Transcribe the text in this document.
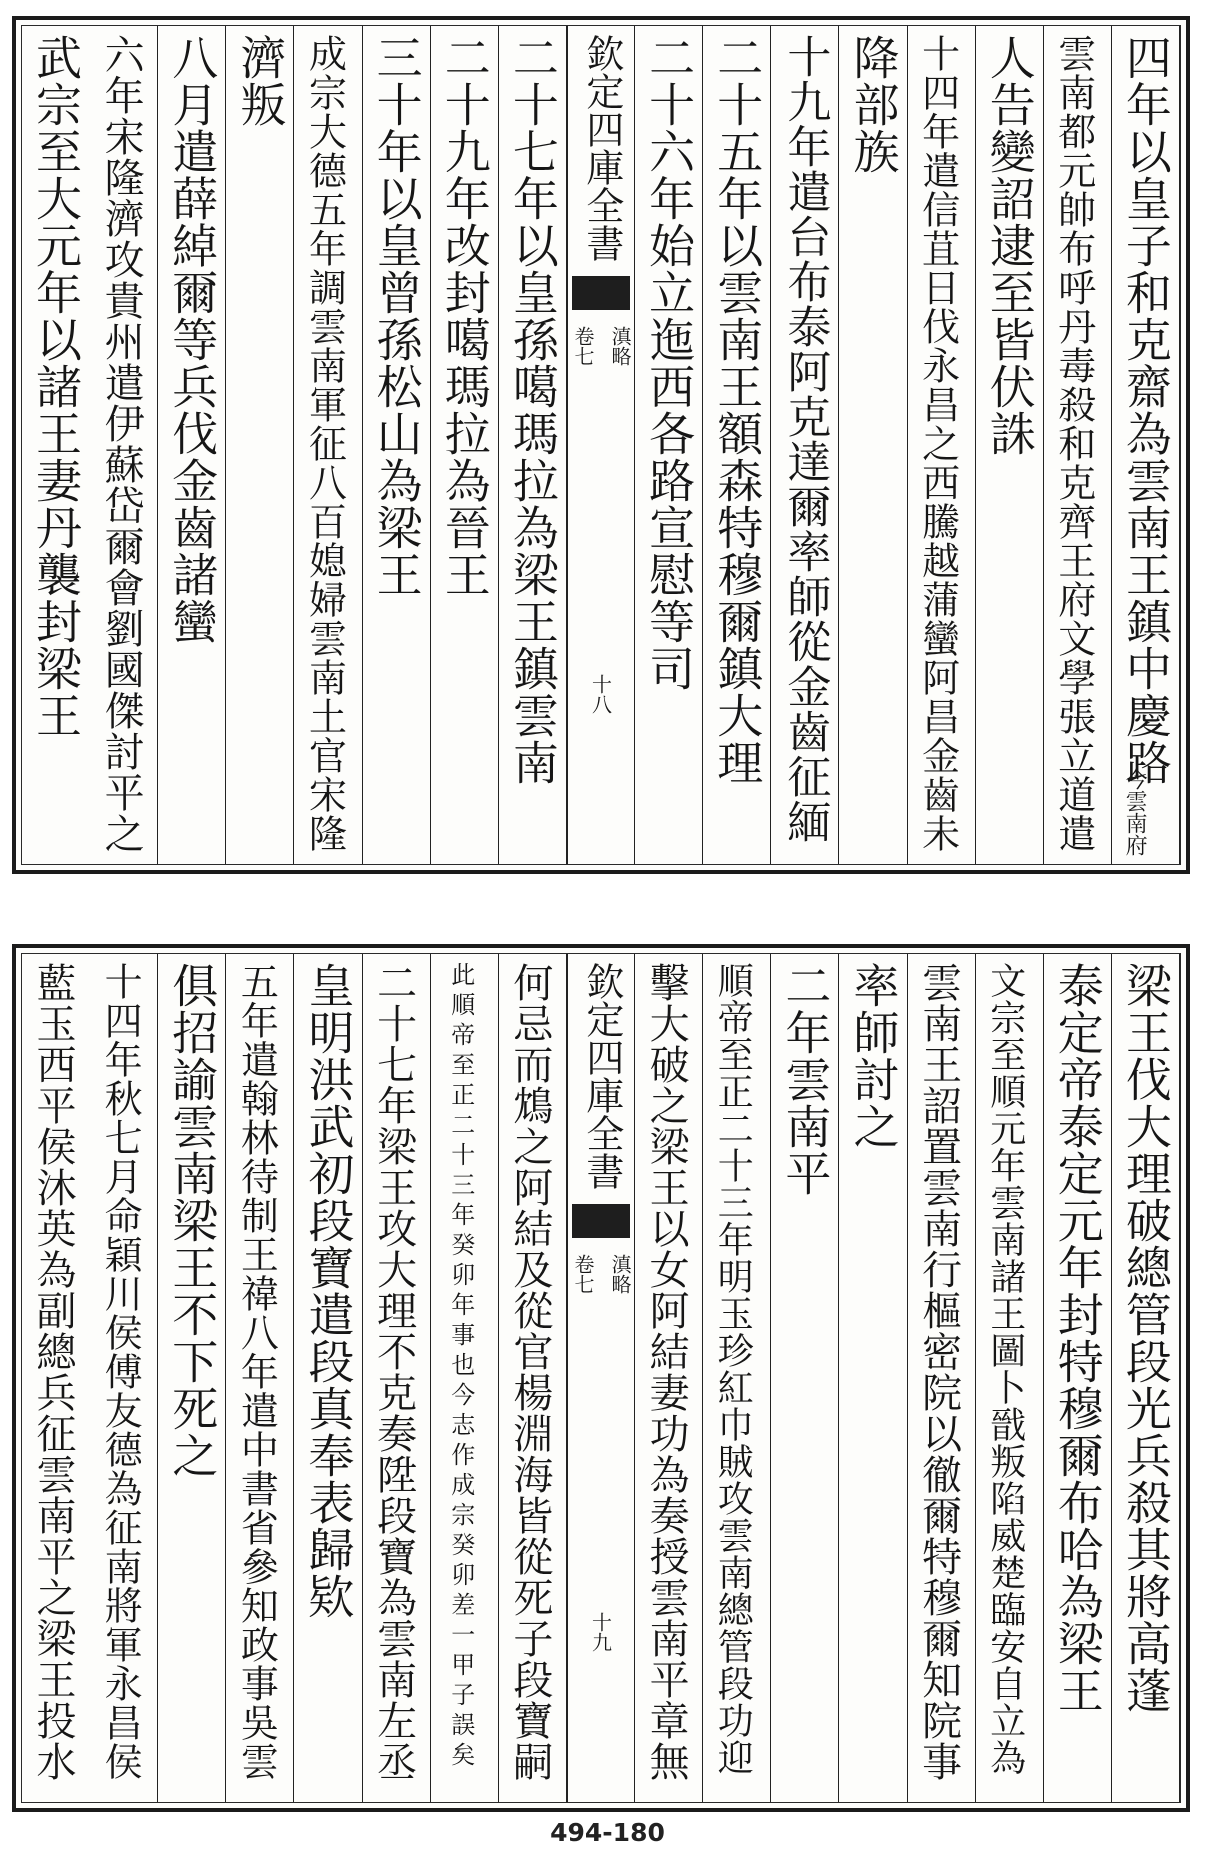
四年以皇子和克齋為雲南王鎮中慶路
今雲南府
雲南都元帥布呼丹毒殺和克齊王府文學張立道遣
人告變詔逮至皆伏誅
十四年遣信苴日伐永昌之西騰越蒲蠻阿昌金齒未
降部族
十九年遣台布泰阿克達爾率師從金齒征緬
二十五年以雲南王額森特穆爾鎮大理
二十六年始立迤西各路宣慰等司
欽定四庫全書
滇略
卷七
十八
二十七年以皇孫噶瑪拉為梁王鎮雲南
二十九年改封噶瑪拉為晉王
三十年以皇曾孫松山為梁王
成宗大德五年調雲南軍征八百媳婦雲南土官宋隆
濟叛
八月遣薛綽爾等兵伐金齒諸蠻
六年宋隆濟攻貴州遣伊蘇岱爾會劉國傑討平之
武宗至大元年以諸王妻丹襲封梁王
梁王伐大理破總管段光兵殺其將高蓬
泰定帝泰定元年封特穆爾布哈為梁王
文宗至順元年雲南諸王圖卜戩叛陷威楚臨安自立為
雲南王詔置雲南行樞密院以徹爾特穆爾知院事
率師討之
二年雲南平
順帝至正二十三年明玉珍紅巾賊攻雲南總管段功迎
擊大破之梁王以女阿結妻功為奏授雲南平章無
欽定四庫全書
滇略
卷七
十九
何忌而鴆之阿結及從官楊淵海皆從死子段寶嗣
此順帝至正二十三年癸卯年事也今志作成宗癸卯差一甲子誤矣
二十七年梁王攻大理不克奏陞段寶為雲南左丞
皇明洪武初段寶遣段真奉表歸欵
五年遣翰林待制王禕八年遣中書省參知政事吳雲
俱招諭雲南梁王不下死之
十四年秋七月命穎川侯傅友德為征南將軍永昌侯
藍玉西平侯沐英為副總兵征雲南平之梁王投水
494-180
